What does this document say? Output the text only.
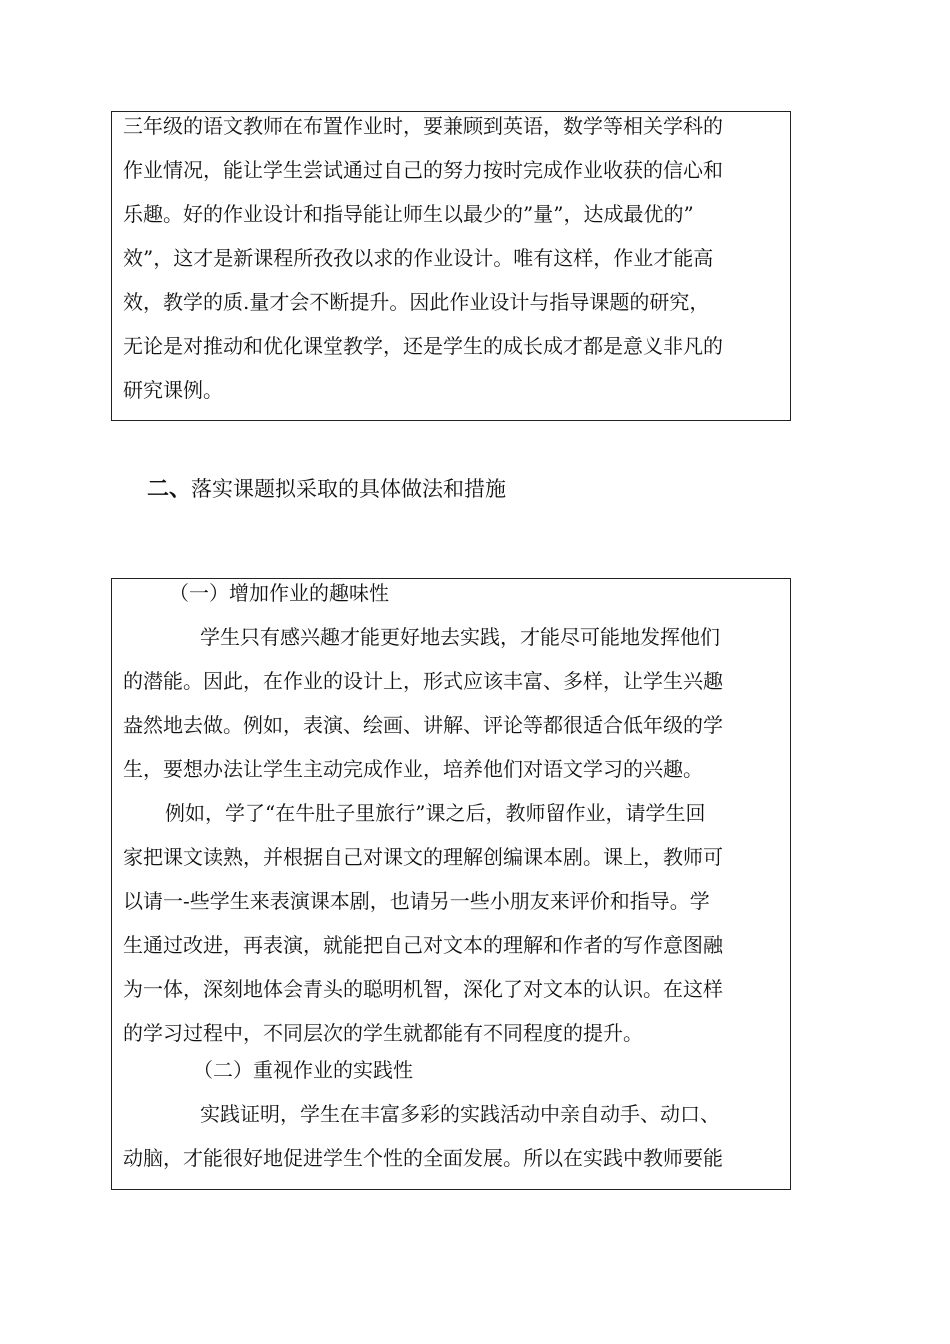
三年级的语文教师在布置作业时，要兼顾到英语，数学等相关学科的
作业情况，能让学生尝试通过自己的努力按时完成作业收获的信心和
乐趣。好的作业设计和指导能让师生以最少的”量”，达成最优的”
效”，这才是新课程所孜孜以求的作业设计。唯有这样，作业才能高
效，教学的质.量才会不断提升。因此作业设计与指导课题的研究，
无论是对推动和优化课堂教学，还是学生的成长成才都是意义非凡的
研究课例。
二、落实课题拟采取的具体做法和措施
（一）增加作业的趣味性
学生只有感兴趣才能更好地去实践，才能尽可能地发挥他们
的潜能。因此，在作业的设计上，形式应该丰富、多样，让学生兴趣
盎然地去做。例如，表演、绘画、讲解、评论等都很适合低年级的学
生，要想办法让学生主动完成作业，培养他们对语文学习的兴趣。
例如，学了“在牛肚子里旅行”课之后，教师留作业，请学生回
家把课文读熟，并根据自己对课文的理解创编课本剧。课上，教师可
以请一-些学生来表演课本剧，也请另一些小朋友来评价和指导。学
生通过改进，再表演，就能把自己对文本的理解和作者的写作意图融
为一体，深刻地体会青头的聪明机智，深化了对文本的认识。在这样
的学习过程中，不同层次的学生就都能有不同程度的提升。
（二）重视作业的实践性
实践证明，学生在丰富多彩的实践活动中亲自动手、动口、
动脑，才能很好地促进学生个性的全面发展。所以在实践中教师要能
